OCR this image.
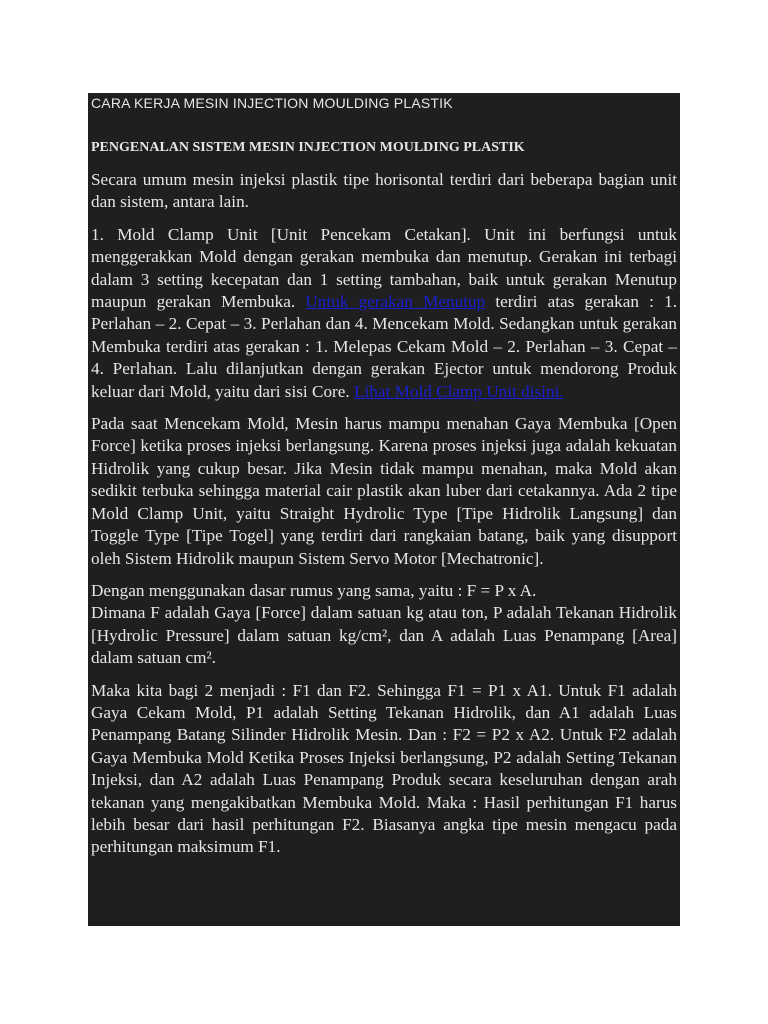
CARA KERJA MESIN INJECTION MOULDING PLASTIK
PENGENALAN SISTEM MESIN INJECTION MOULDING PLASTIK

Secara umum mesin injeksi plastik tipe horisontal terdiri dari beberapa bagian unit dan sistem, antara lain.

1. Mold Clamp Unit [Unit Pencekam Cetakan]. Unit ini berfungsi untuk menggerakkan Mold dengan gerakan membuka dan menutup. Gerakan ini terbagi dalam 3 setting kecepatan dan 1 setting tambahan, baik untuk gerakan Menutup maupun gerakan Membuka. Untuk gerakan Menutup terdiri atas gerakan : 1. Perlahan – 2. Cepat – 3. Perlahan dan 4. Mencekam Mold. Sedangkan untuk gerakan Membuka terdiri atas gerakan : 1. Melepas Cekam Mold – 2. Perlahan – 3. Cepat – 4. Perlahan. Lalu dilanjutkan dengan gerakan Ejector untuk mendorong Produk keluar dari Mold, yaitu dari sisi Core. Lihat Mold Clamp Unit disini.

Pada saat Mencekam Mold, Mesin harus mampu menahan Gaya Membuka [Open Force] ketika proses injeksi berlangsung. Karena proses injeksi juga adalah kekuatan Hidrolik yang cukup besar. Jika Mesin tidak mampu menahan, maka Mold akan sedikit terbuka sehingga material cair plastik akan luber dari cetakannya. Ada 2 tipe Mold Clamp Unit, yaitu Straight Hydrolic Type [Tipe Hidrolik Langsung] dan Toggle Type [Tipe Togel] yang terdiri dari rangkaian batang, baik yang disupport oleh Sistem Hidrolik maupun Sistem Servo Motor [Mechatronic].

Dengan menggunakan dasar rumus yang sama, yaitu : F = P x A.

Dimana F adalah Gaya [Force] dalam satuan kg atau ton, P adalah Tekanan Hidrolik [Hydrolic Pressure] dalam satuan kg/cm², dan A adalah Luas Penampang [Area] dalam satuan cm².

Maka kita bagi 2 menjadi : F1 dan F2. Sehingga F1 = P1 x A1. Untuk F1 adalah Gaya Cekam Mold, P1 adalah Setting Tekanan Hidrolik, dan A1 adalah Luas Penampang Batang Silinder Hidrolik Mesin. Dan : F2 = P2 x A2. Untuk F2 adalah Gaya Membuka Mold Ketika Proses Injeksi berlangsung, P2 adalah Setting Tekanan Injeksi, dan A2 adalah Luas Penampang Produk secara keseluruhan dengan arah tekanan yang mengakibatkan Membuka Mold. Maka : Hasil perhitungan F1 harus lebih besar dari hasil perhitungan F2. Biasanya angka tipe mesin mengacu pada perhitungan maksimum F1.
